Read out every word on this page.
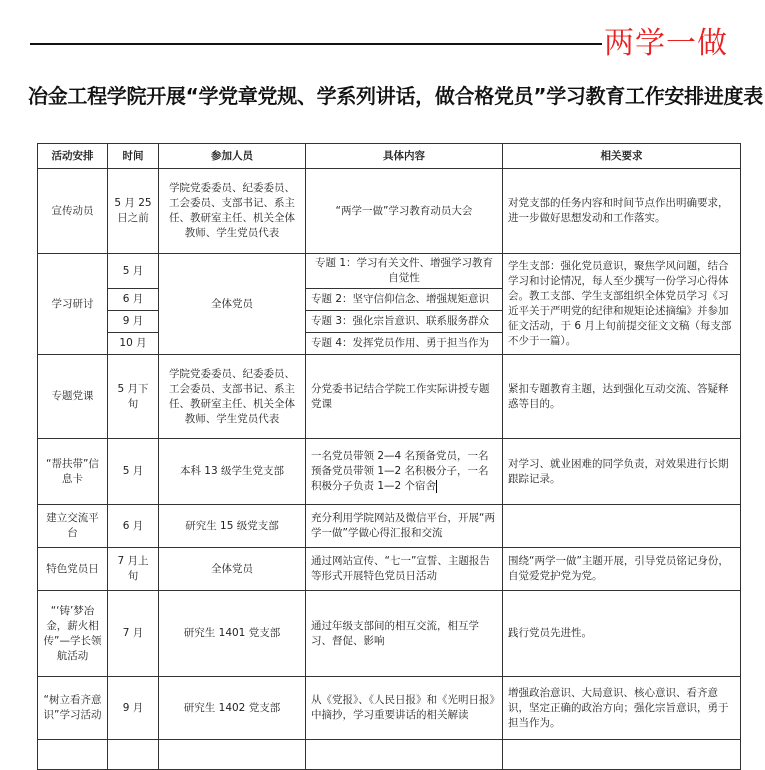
两学一做
冶金工程学院开展“学党章党规、学系列讲话，做合格党员”学习教育工作安排进度表
活动安排	时间	参加人员	具体内容	相关要求
宣传动员	5 月 25 日之前	学院党委委员、纪委委员、工会委员、支部书记、系主任、教研室主任、机关全体教师、学生党员代表	“两学一做”学习教育动员大会	对党支部的任务内容和时间节点作出明确要求，进一步做好思想发动和工作落实。
学习研讨	5 月	全体党员	专题 1：学习有关文件、增强学习教育自觉性	学生支部：强化党员意识，聚焦学风问题，结合学习和讨论情况，每人至少撰写一份学习心得体会。教工支部、学生支部组织全体党员学习《习近平关于严明党的纪律和规矩论述摘编》并参加征文活动，于 6 月上旬前提交征文文稿（每支部不少于一篇）。
	6 月		专题 2：坚守信仰信念、增强规矩意识	
	9 月		专题 3：强化宗旨意识、联系服务群众	
	10 月		专题 4：发挥党员作用、勇于担当作为	
专题党课	5 月下旬	学院党委委员、纪委委员、工会委员、支部书记、系主任、教研室主任、机关全体教师、学生党员代表	分党委书记结合学院工作实际讲授专题党课	紧扣专题教育主题，达到强化互动交流、答疑释惑等目的。
“帮扶带”信息卡	5 月	本科 13 级学生党支部	一名党员带领 2—4 名预备党员，一名预备党员带领 1—2 名积极分子，一名积极分子负责 1—2 个宿舍	对学习、就业困难的同学负责，对效果进行长期跟踪记录。
建立交流平台	6 月	研究生 15 级党支部	充分利用学院网站及微信平台，开展“两学一做”学做心得汇报和交流	
特色党员日	7 月上旬	全体党员	通过网站宣传、“七一”宣誓、主题报告等形式开展特色党员日活动	围绕“两学一做”主题开展，引导党员铭记身份，自觉爱党护党为党。
“‘铸’梦冶金，薪火相传”—学长领航活动	7 月	研究生 1401 党支部	通过年级支部间的相互交流，相互学习、督促、影响	践行党员先进性。
“树立看齐意识”学习活动	9 月	研究生 1402 党支部	从《党报》、《人民日报》和《光明日报》中摘抄，学习重要讲话的相关解读	增强政治意识、大局意识、核心意识、看齐意识，坚定正确的政治方向；强化宗旨意识，勇于担当作为。
